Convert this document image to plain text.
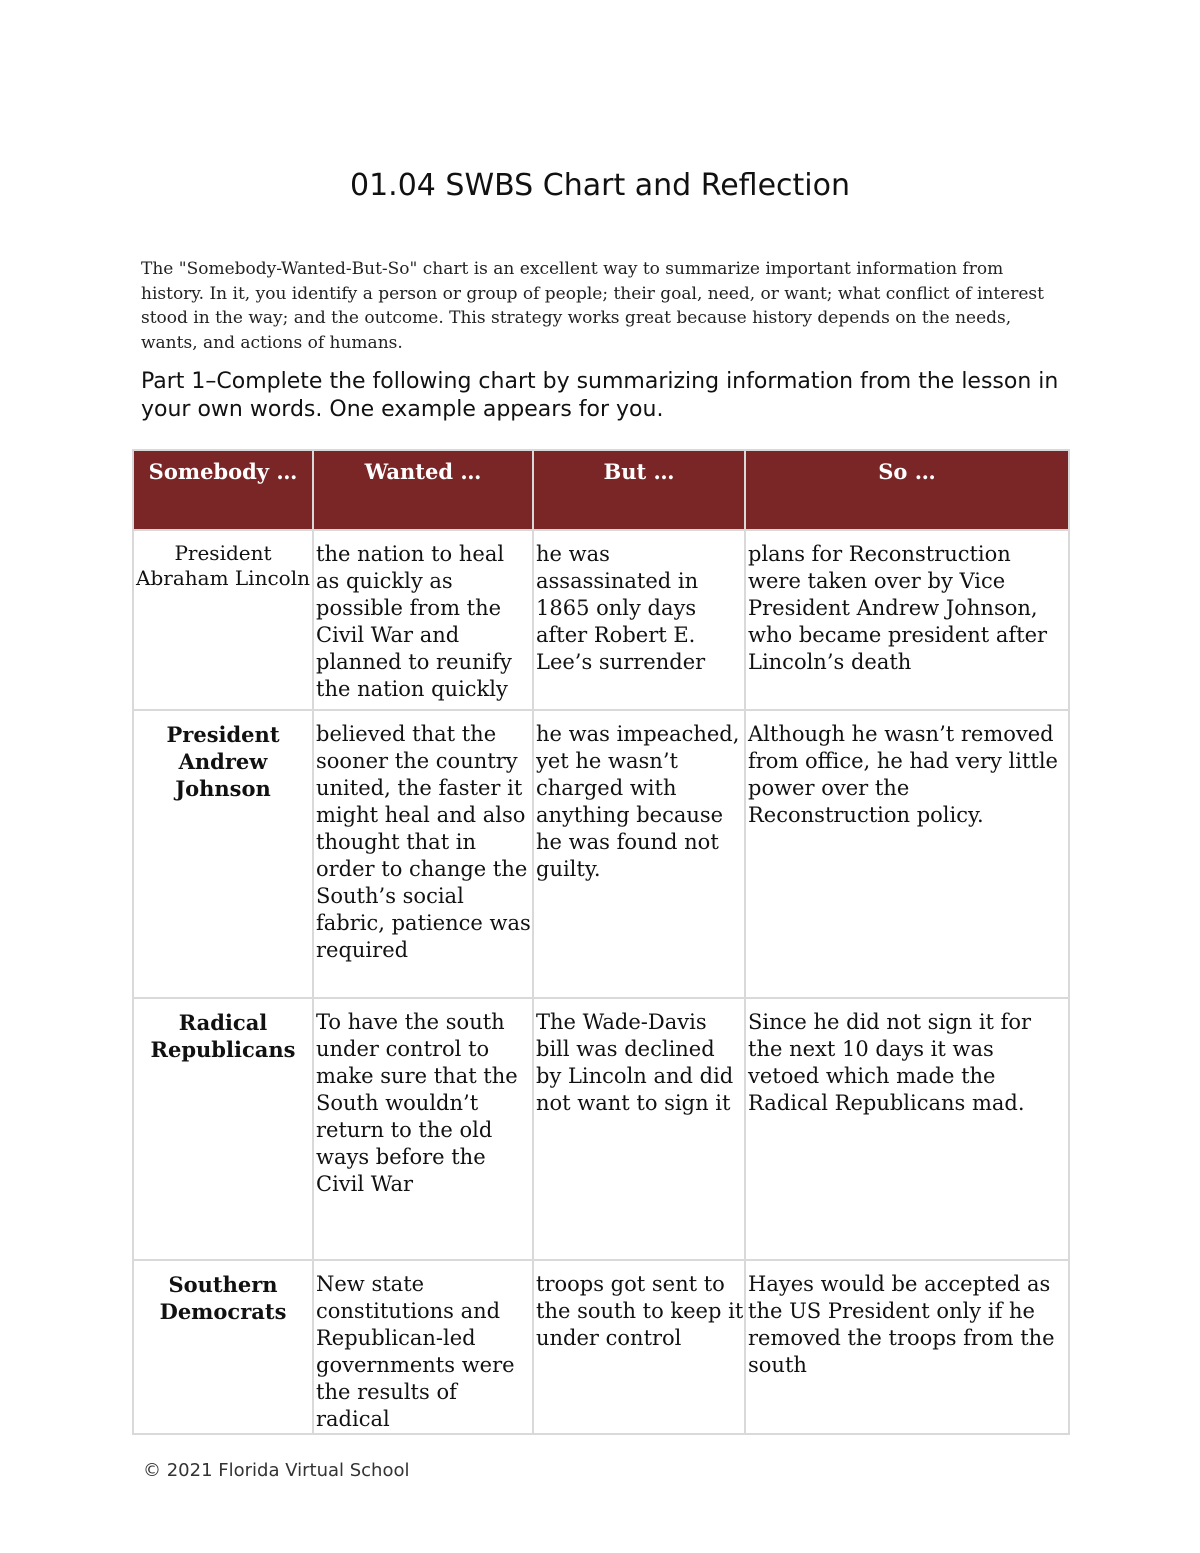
01.04 SWBS Chart and Reflection
The "Somebody-Wanted-But-So" chart is an excellent way to summarize important information from history. In it, you identify a person or group of people; their goal, need, or want; what conflict of interest stood in the way; and the outcome. This strategy works great because history depends on the needs, wants, and actions of humans.
Part 1–Complete the following chart by summarizing information from the lesson in your own words. One example appears for you.
Somebody …	Wanted …	But …	So …
President Abraham Lincoln	the nation to heal as quickly as possible from the Civil War and planned to reunify the nation quickly	he was assassinated in 1865 only days after Robert E. Lee’s surrender	plans for Reconstruction were taken over by Vice President Andrew Johnson, who became president after Lincoln’s death
President Andrew Johnson	believed that the sooner the country united, the faster it might heal and also thought that in order to change the South’s social fabric, patience was required	he was impeached, yet he wasn’t charged with anything because he was found not guilty.	Although he wasn’t removed from office, he had very little power over the Reconstruction policy.
Radical Republicans	To have the south under control to make sure that the South wouldn’t return to the old ways before the Civil War	The Wade-Davis bill was declined by Lincoln and did not want to sign it	Since he did not sign it for the next 10 days it was vetoed which made the Radical Republicans mad.
Southern Democrats	New state constitutions and Republican-led governments were the results of radical	troops got sent to the south to keep it under control	Hayes would be accepted as the US President only if he removed the troops from the south
© 2021 Florida Virtual School
